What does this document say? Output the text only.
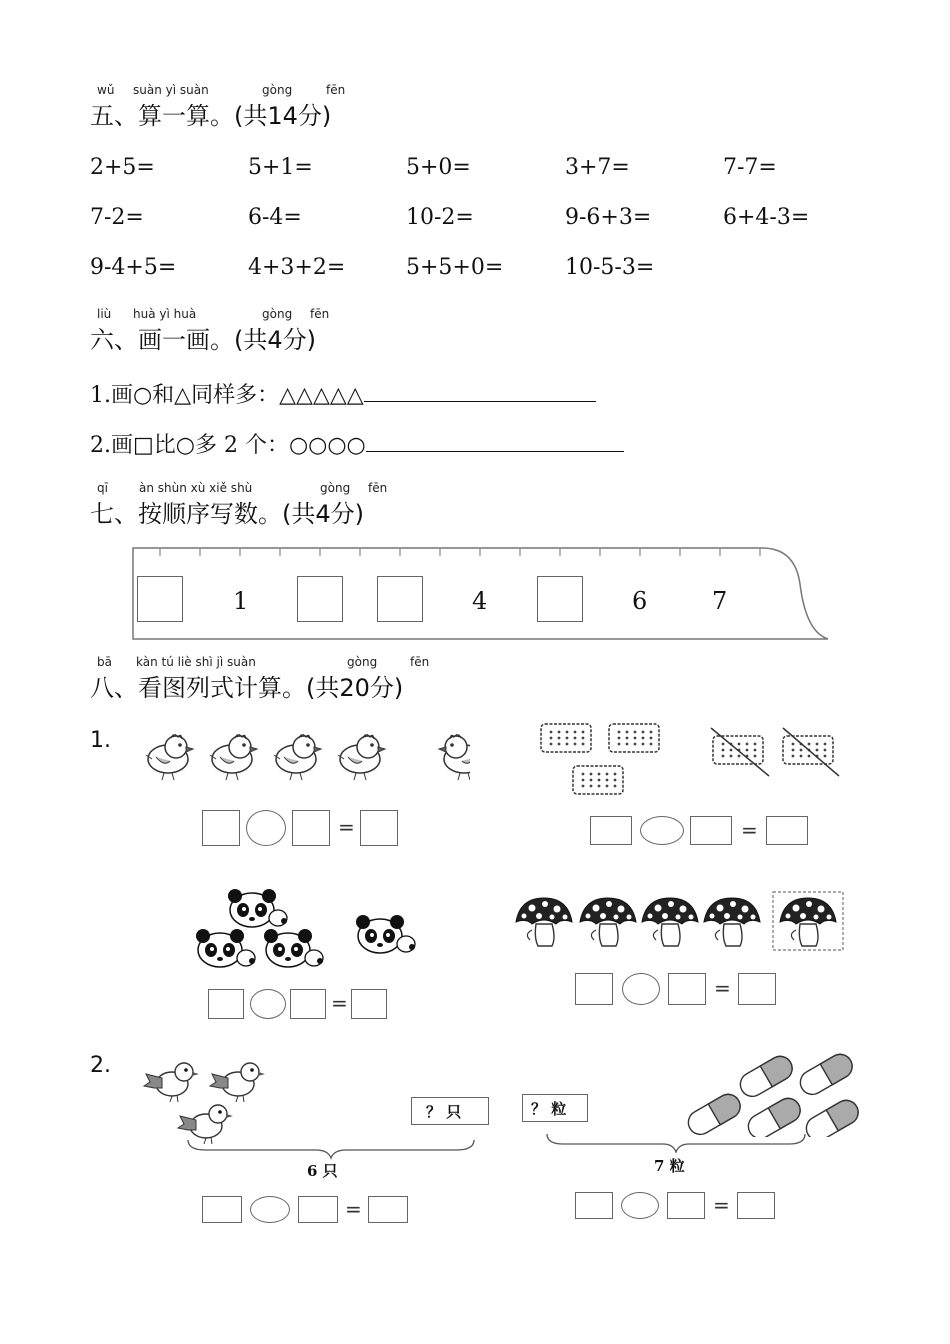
wǔ suàn yì suàn	gòng	fēn
五、算一算。(共14分)
2+5=	5+1=	5+0=	3+7=	7-7=
7-2=	6-4=	10-2=	9-6+3=	6+4-3=
9-4+5=	4+3+2=	5+5+0=	10-5-3=
liù huà yì huà	gòng fēn
六、画一画。(共4分)
1.画○和△同样多：△△△△△
2.画□比○多 2 个：○○○○
qī	àn shùn xù xiě shù	gòng fēn
七、按顺序写数。(共4分)
1	4	6	7
bā kàn tú liè shì jì suàn	gòng	fēn
八、看图列式计算。(共20分)
1.
=	=
=
=
2.
？ 只
6 只
=
？ 粒
7 粒
=
